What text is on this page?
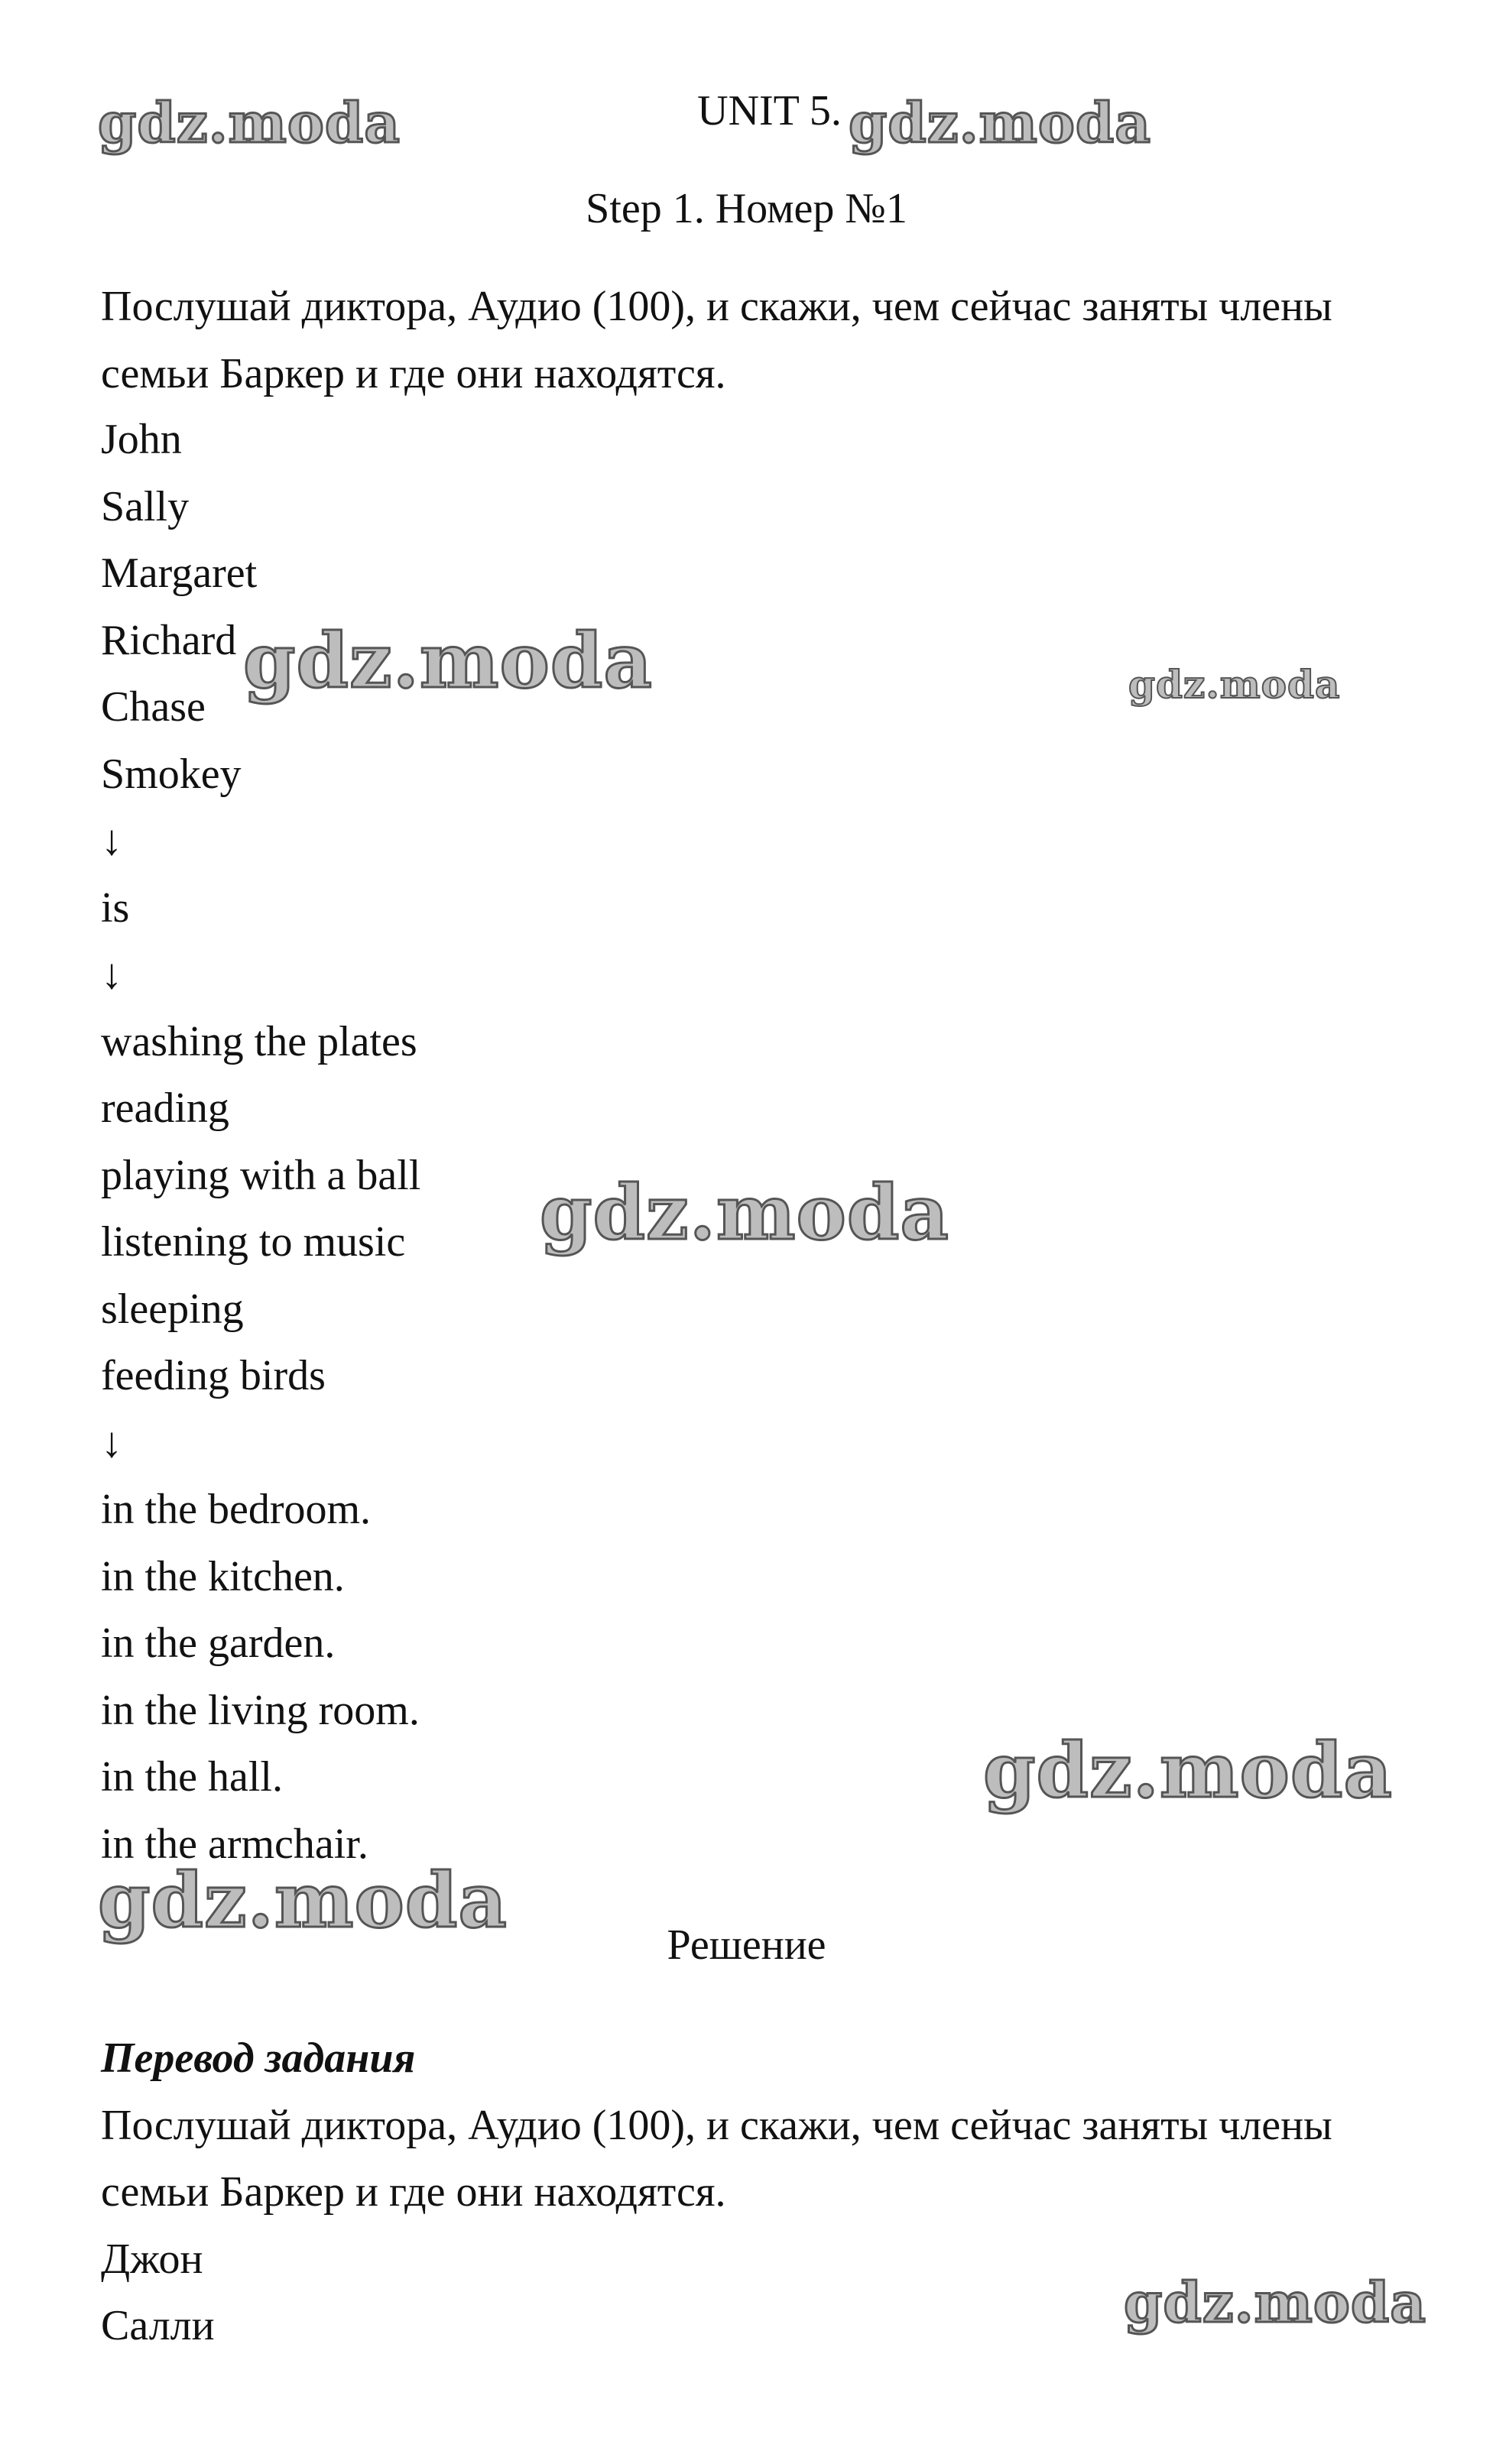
UNIT 5.
Step 1. Номер №1
Послушай диктора, Аудио (100), и скажи, чем сейчас заняты члены семьи Баркер и где они находятся.
John
Sally
Margaret
Richard
Chase
Smokey
↓
is
↓
washing the plates
reading
playing with a ball
listening to music
sleeping
feeding birds
↓
in the bedroom.
in the kitchen.
in the garden.
in the living room.
in the hall.
in the armchair.
Решение
Перевод задания
Послушай диктора, Аудио (100), и скажи, чем сейчас заняты члены семьи Баркер и где они находятся.
Джон
Салли
gdz.moda	gdz.moda
gdz.moda	gdz.moda
gdz.moda
gdz.moda
gdz.moda
gdz.moda
